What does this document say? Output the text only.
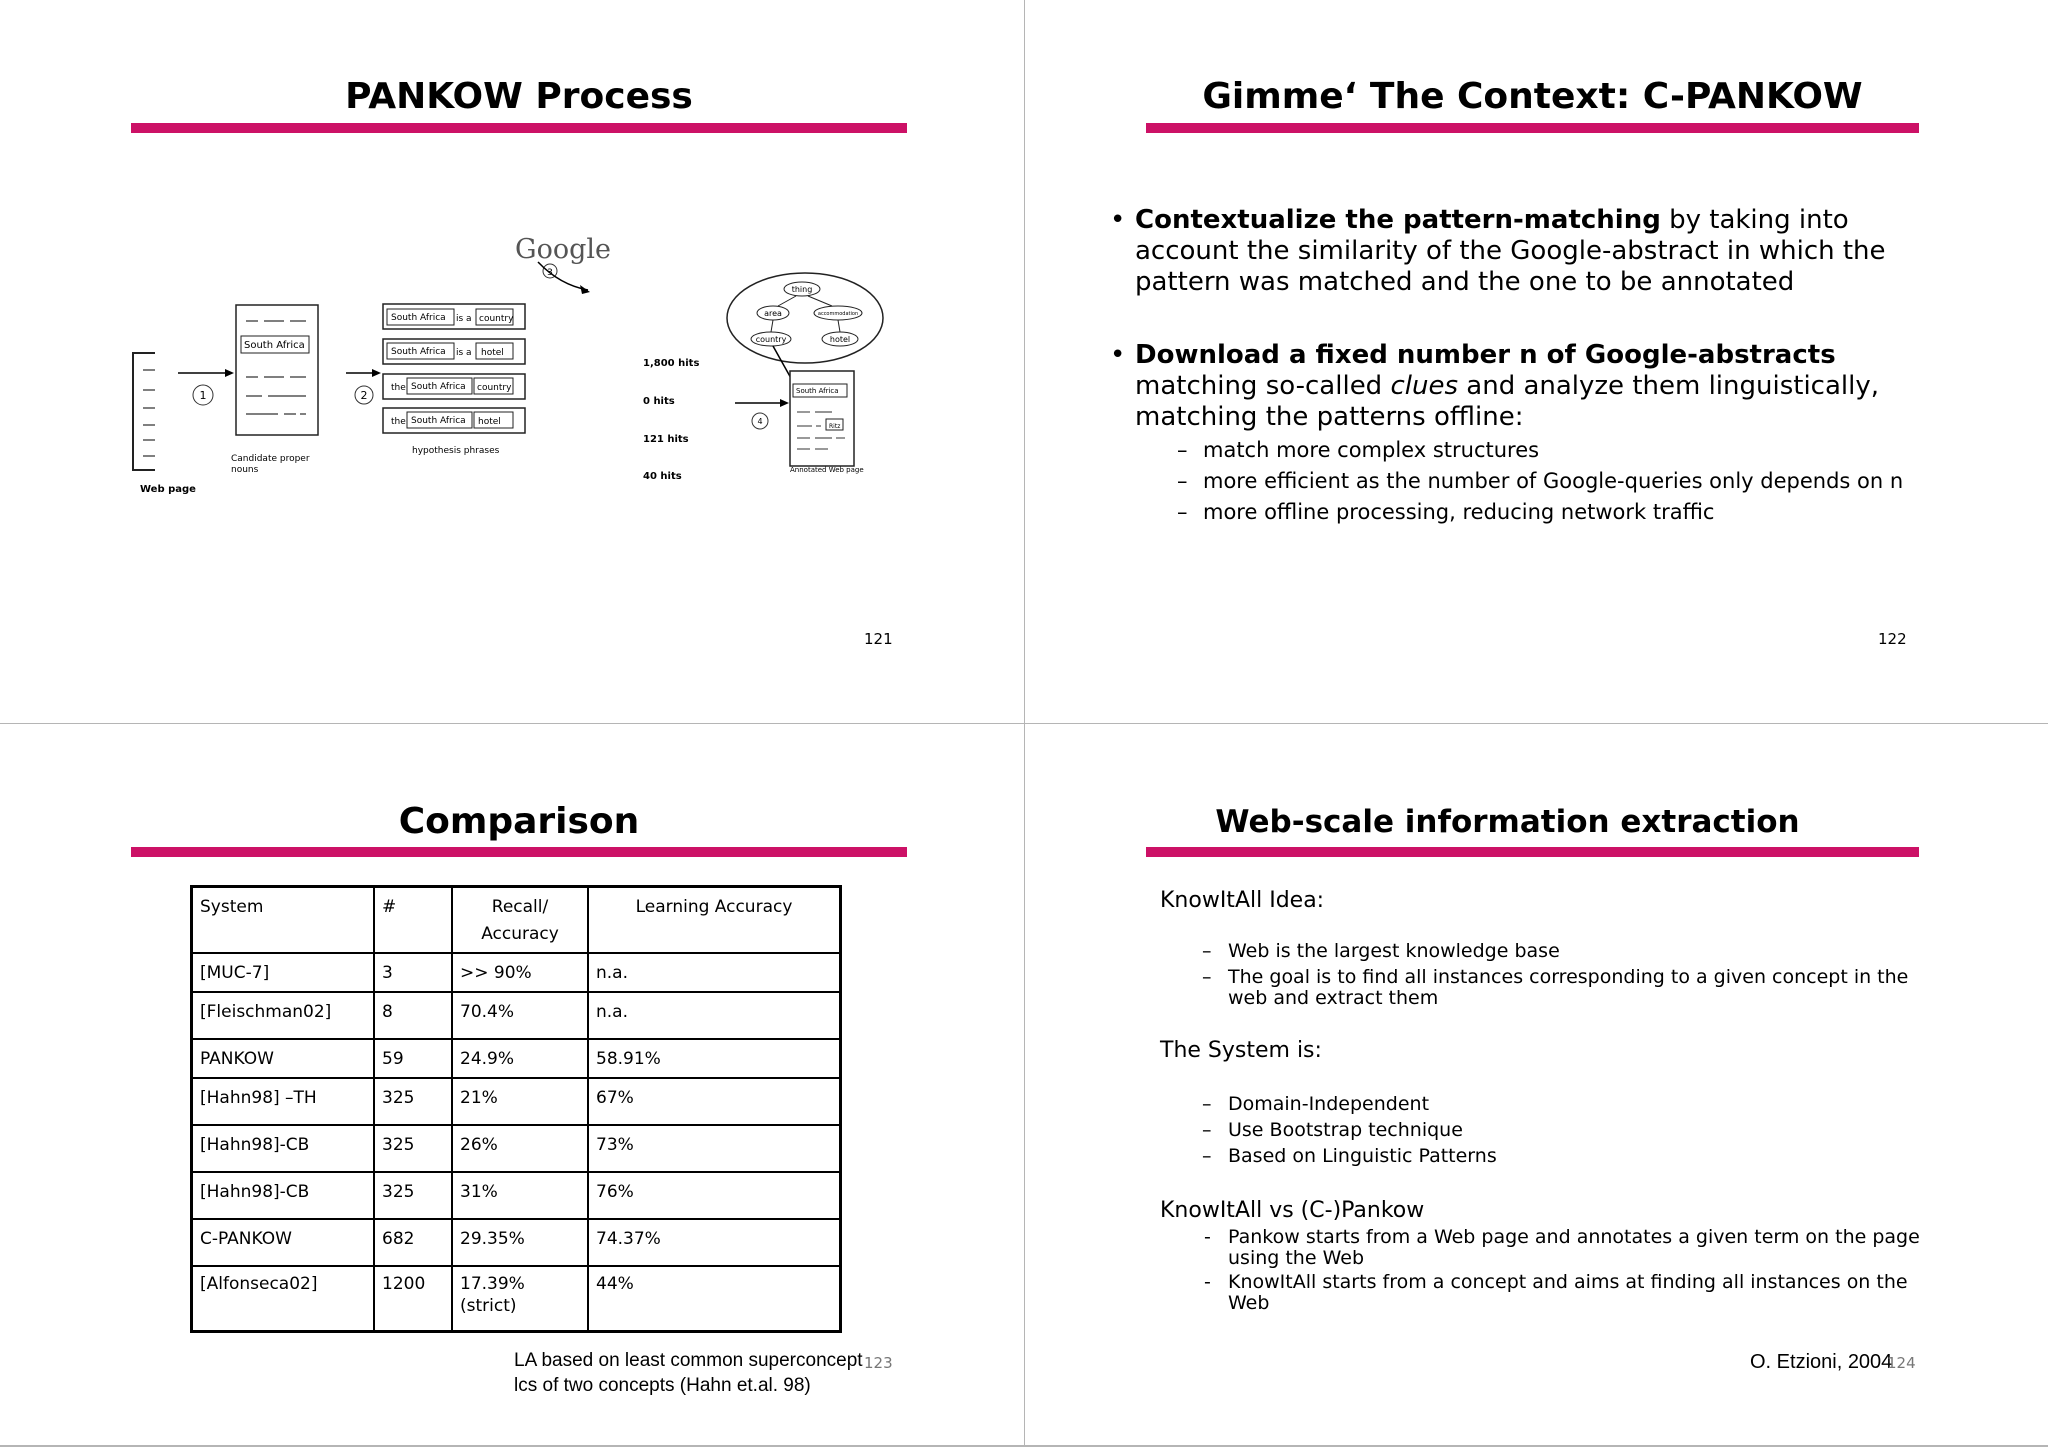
PANKOW Process
Google
3
Web page
1
South Africa
Candidate proper
nouns
2
South Africa is a country
South Africa is a hotel
the South Africa country
the South Africa hotel
hypothesis phrases
1,800 hits
0 hits
121 hits
40 hits
thing
area	accommodation
country	hotel
South Africa
Ritz
4
Annotated Web page
121
Gimme‘ The Context: C-PANKOW
• Contextualize the pattern-matching by taking into account the similarity of the Google-abstract in which the pattern was matched and the one to be annotated
• Download a fixed number n of Google-abstracts matching so-called clues and analyze them linguistically, matching the patterns offline:
– match more complex structures
– more efficient as the number of Google-queries only depends on n
– more offline processing, reducing network traffic
122
Comparison
System	#	Recall/ Accuracy	Learning Accuracy
[MUC-7]	3	>> 90%	n.a.
[Fleischman02]	8	70.4%	n.a.
PANKOW	59	24.9%	58.91%
[Hahn98] –TH	325	21%	67%
[Hahn98]-CB	325	26%	73%
[Hahn98]-CB	325	31%	76%
C-PANKOW	682	29.35%	74.37%
[Alfonseca02]	1200	17.39% (strict)	44%
LA based on least common superconcept
lcs of two concepts (Hahn et.al. 98)
123
Web-scale information extraction
KnowItAll Idea:
– Web is the largest knowledge base
– The goal is to find all instances corresponding to a given concept in the web and extract them
The System is:
– Domain-Independent
– Use Bootstrap technique
– Based on Linguistic Patterns
KnowItAll vs (C-)Pankow
- Pankow starts from a Web page and annotates a given term on the page using the Web
- KnowItAll starts from a concept and aims at finding all instances on the Web
O. Etzioni, 2004
124
